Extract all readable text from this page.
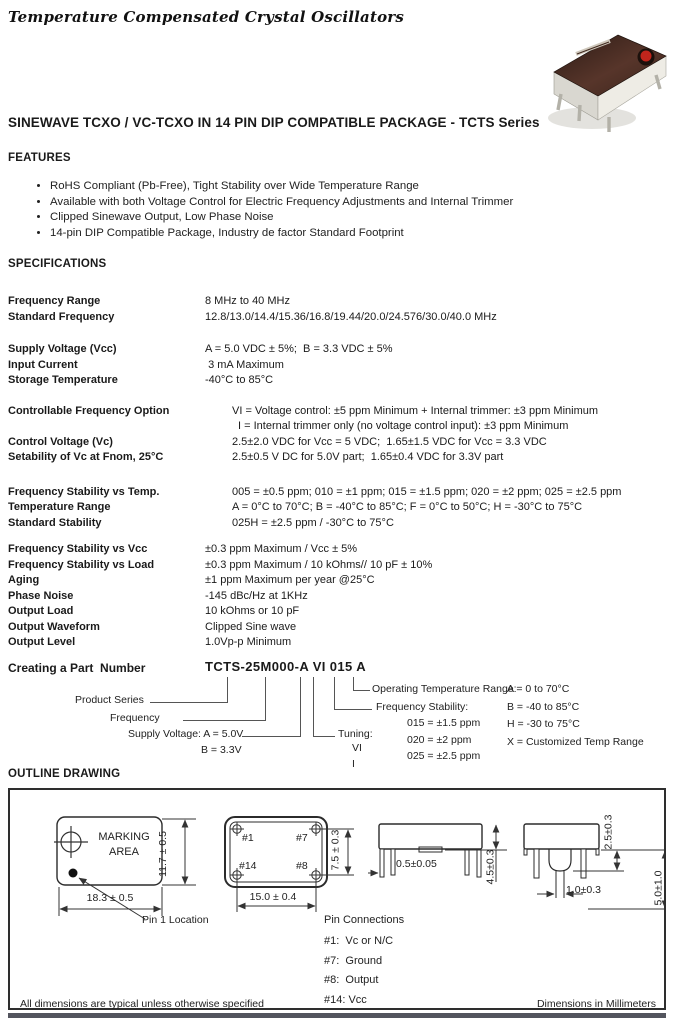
Temperature Compensated Crystal Oscillators
SINEWAVE TCXO / VC-TCXO IN 14 PIN DIP COMPATIBLE PACKAGE - TCTS Series
FEATURES
• RoHS Compliant (Pb-Free), Tight Stability over Wide Temperature Range
• Available with both Voltage Control for Electric Frequency Adjustments and Internal Trimmer
• Clipped Sinewave Output, Low Phase Noise
• 14-pin DIP Compatible Package, Industry de factor Standard Footprint
SPECIFICATIONS
Frequency Range	8 MHz to 40 MHz
Standard Frequency	12.8/13.0/14.4/15.36/16.8/19.44/20.0/24.576/30.0/40.0 MHz
Supply Voltage (Vcc)	A = 5.0 VDC ± 5%;  B = 3.3 VDC ± 5%
Input Current	3 mA Maximum
Storage Temperature	-40°C to 85°C
Controllable Frequency Option	VI = Voltage control: ±5 ppm Minimum + Internal trimmer: ±3 ppm Minimum
I = Internal trimmer only (no voltage control input): ±3 ppm Minimum
Control Voltage (Vc)	2.5±2.0 VDC for Vcc = 5 VDC;  1.65±1.5 VDC for Vcc = 3.3 VDC
Setability of Vc at Fnom, 25°C	2.5±0.5 V DC for 5.0V part;  1.65±0.4 VDC for 3.3V part
Frequency Stability vs Temp.	005 = ±0.5 ppm; 010 = ±1 ppm; 015 = ±1.5 ppm; 020 = ±2 ppm; 025 = ±2.5 ppm
Temperature Range	A = 0°C to 70°C; B = -40°C to 85°C; F = 0°C to 50°C; H = -30°C to 75°C
Standard Stability	025H = ±2.5 ppm / -30°C to 75°C
Frequency Stability vs Vcc	±0.3 ppm Maximum / Vcc ± 5%
Frequency Stability vs Load	±0.3 ppm Maximum / 10 kOhms// 10 pF ± 10%
Aging	±1 ppm Maximum per year @25°C
Phase Noise	-145 dBc/Hz at 1KHz
Output Load	10 kOhms or 10 pF
Output Waveform	Clipped Sine wave
Output Level	1.0Vp-p Minimum
Creating a Part  Number	TCTS-25M000-A VI 015 A
Product Series
Frequency
Supply Voltage: A = 5.0V
B = 3.3V
Tuning:
VI
I
Frequency Stability:
015 = ±1.5 ppm
020 = ±2 ppm
025 = ±2.5 ppm
Operating Temperature Range:
A = 0 to 70°C
B = -40 to 85°C
H = -30 to 75°C
X = Customized Temp Range
OUTLINE DRAWING
MARKING
AREA	11.7 ± 0.5
18.3 ± 0.5
Pin 1 Location
#1	#7
#14	#8 7.5 ± 0.3
15.0 ± 0.4
0.5±0.05	4.5±0.3
2.5±0.3
1.0±0.3	5.0±1.0
Pin Connections
#1:  Vc or N/C
#7:  Ground
#8:  Output
#14: Vcc
All dimensions are typical unless otherwise specified	Dimensions in Millimeters
